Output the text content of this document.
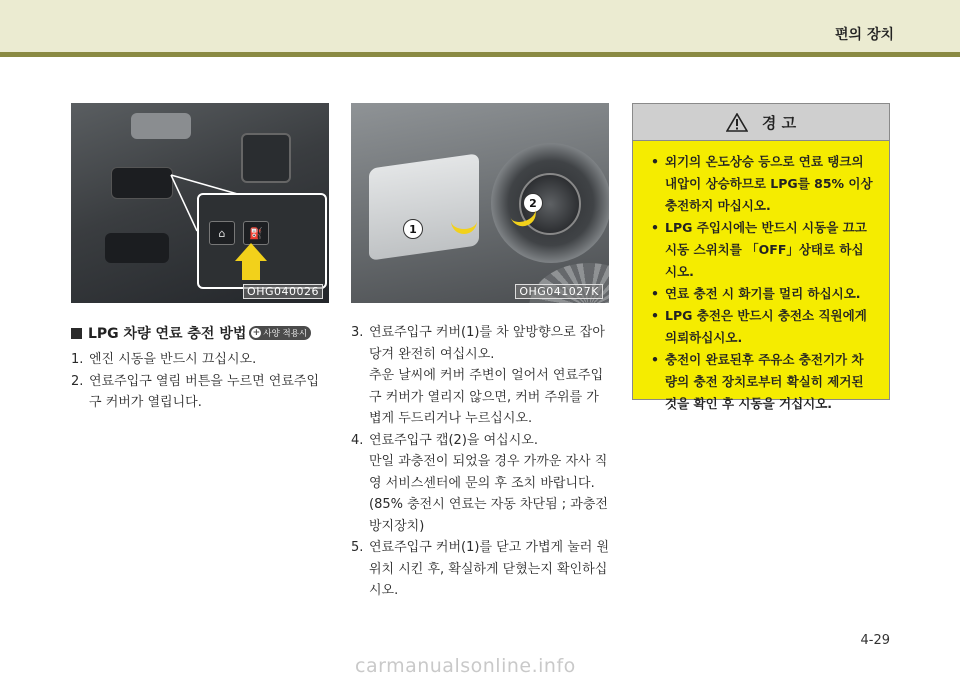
편의 장치
⌂	⛽
OHG040026
1
2
OHG041027K
LPG 차량 연료 충전 방법 + 사양 적용시
1. 엔진 시동을 반드시 끄십시오.
2. 연료주입구 열림 버튼을 누르면 연료주입구 커버가 열립니다.
3. 연료주입구 커버(1)를 차 앞방향으로 잡아 당겨 완전히 여십시오.
추운 날씨에 커버 주변이 얼어서 연료주입구 커버가 열리지 않으면, 커버 주위를 가볍게 두드리거나 누르십시오.
4. 연료주입구 캡(2)을 여십시오.
만일 과충전이 되었을 경우 가까운 자사 직영 서비스센터에 문의 후 조치 바랍니다.
(85% 충전시 연료는 자동 차단됨 ; 과충전 방지장치)
5. 연료주입구 커버(1)를 닫고 가볍게 눌러 원위치 시킨 후, 확실하게 닫혔는지 확인하십시오.
경 고
• 외기의 온도상승 등으로 연료 탱크의 내압이 상승하므로 LPG를 85% 이상 충전하지 마십시오.
• LPG 주입시에는 반드시 시동을 끄고 시동 스위치를 「OFF」상태로 하십시오.
• 연료 충전 시 화기를 멀리 하십시오.
• LPG 충전은 반드시 충전소 직원에게 의뢰하십시오.
• 충전이 완료된후 주유소 충전기가 차량의 충전 장치로부터 확실히 제거된 것을 확인 후 시동을 거십시오.
4-29
carmanualsonline.info
